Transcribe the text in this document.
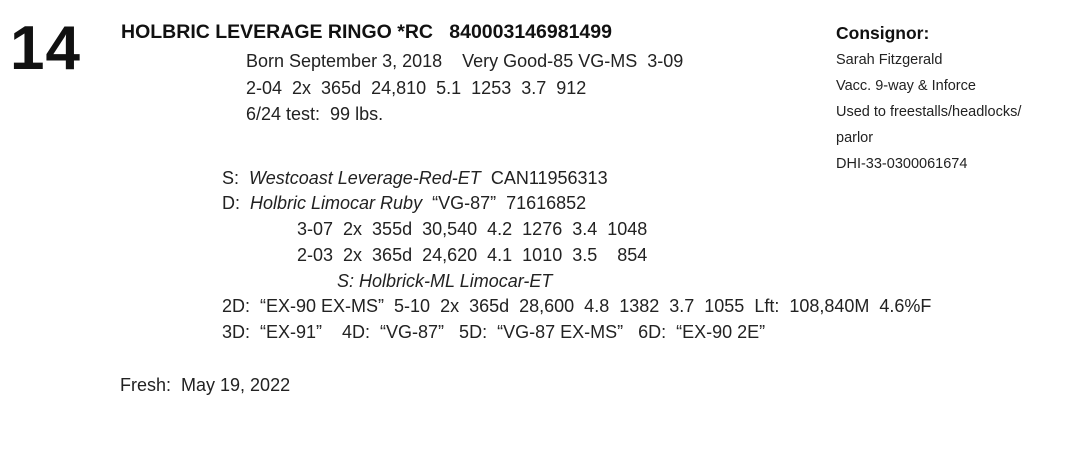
14 HOLBRIC LEVERAGE RINGO *RC   840003146981499
Born September 3, 2018    Very Good-85 VG-MS  3-09
2-04  2x  365d  24,810  5.1  1253  3.7  912
6/24 test:  99 lbs.
S: Westcoast Leverage-Red-ET CAN11956313
D: Holbric Limocar Ruby “VG-87”  71616852
3-07  2x  355d  30,540  4.2  1276  3.4  1048
2-03  2x  365d  24,620  4.1  1010  3.5    854
S: Holbrick-ML Limocar-ET
2D:  “EX-90 EX-MS”  5-10  2x  365d  28,600  4.8  1382  3.7  1055  Lft:  108,840M  4.6%F
3D:  “EX-91”    4D:  “VG-87”   5D:  “VG-87 EX-MS”   6D:  “EX-90 2E”
Fresh:  May 19, 2022
Consignor:
Sarah Fitzgerald
Vacc. 9-way & Inforce
Used to freestalls/headlocks/
parlor
DHI-33-0300061674
